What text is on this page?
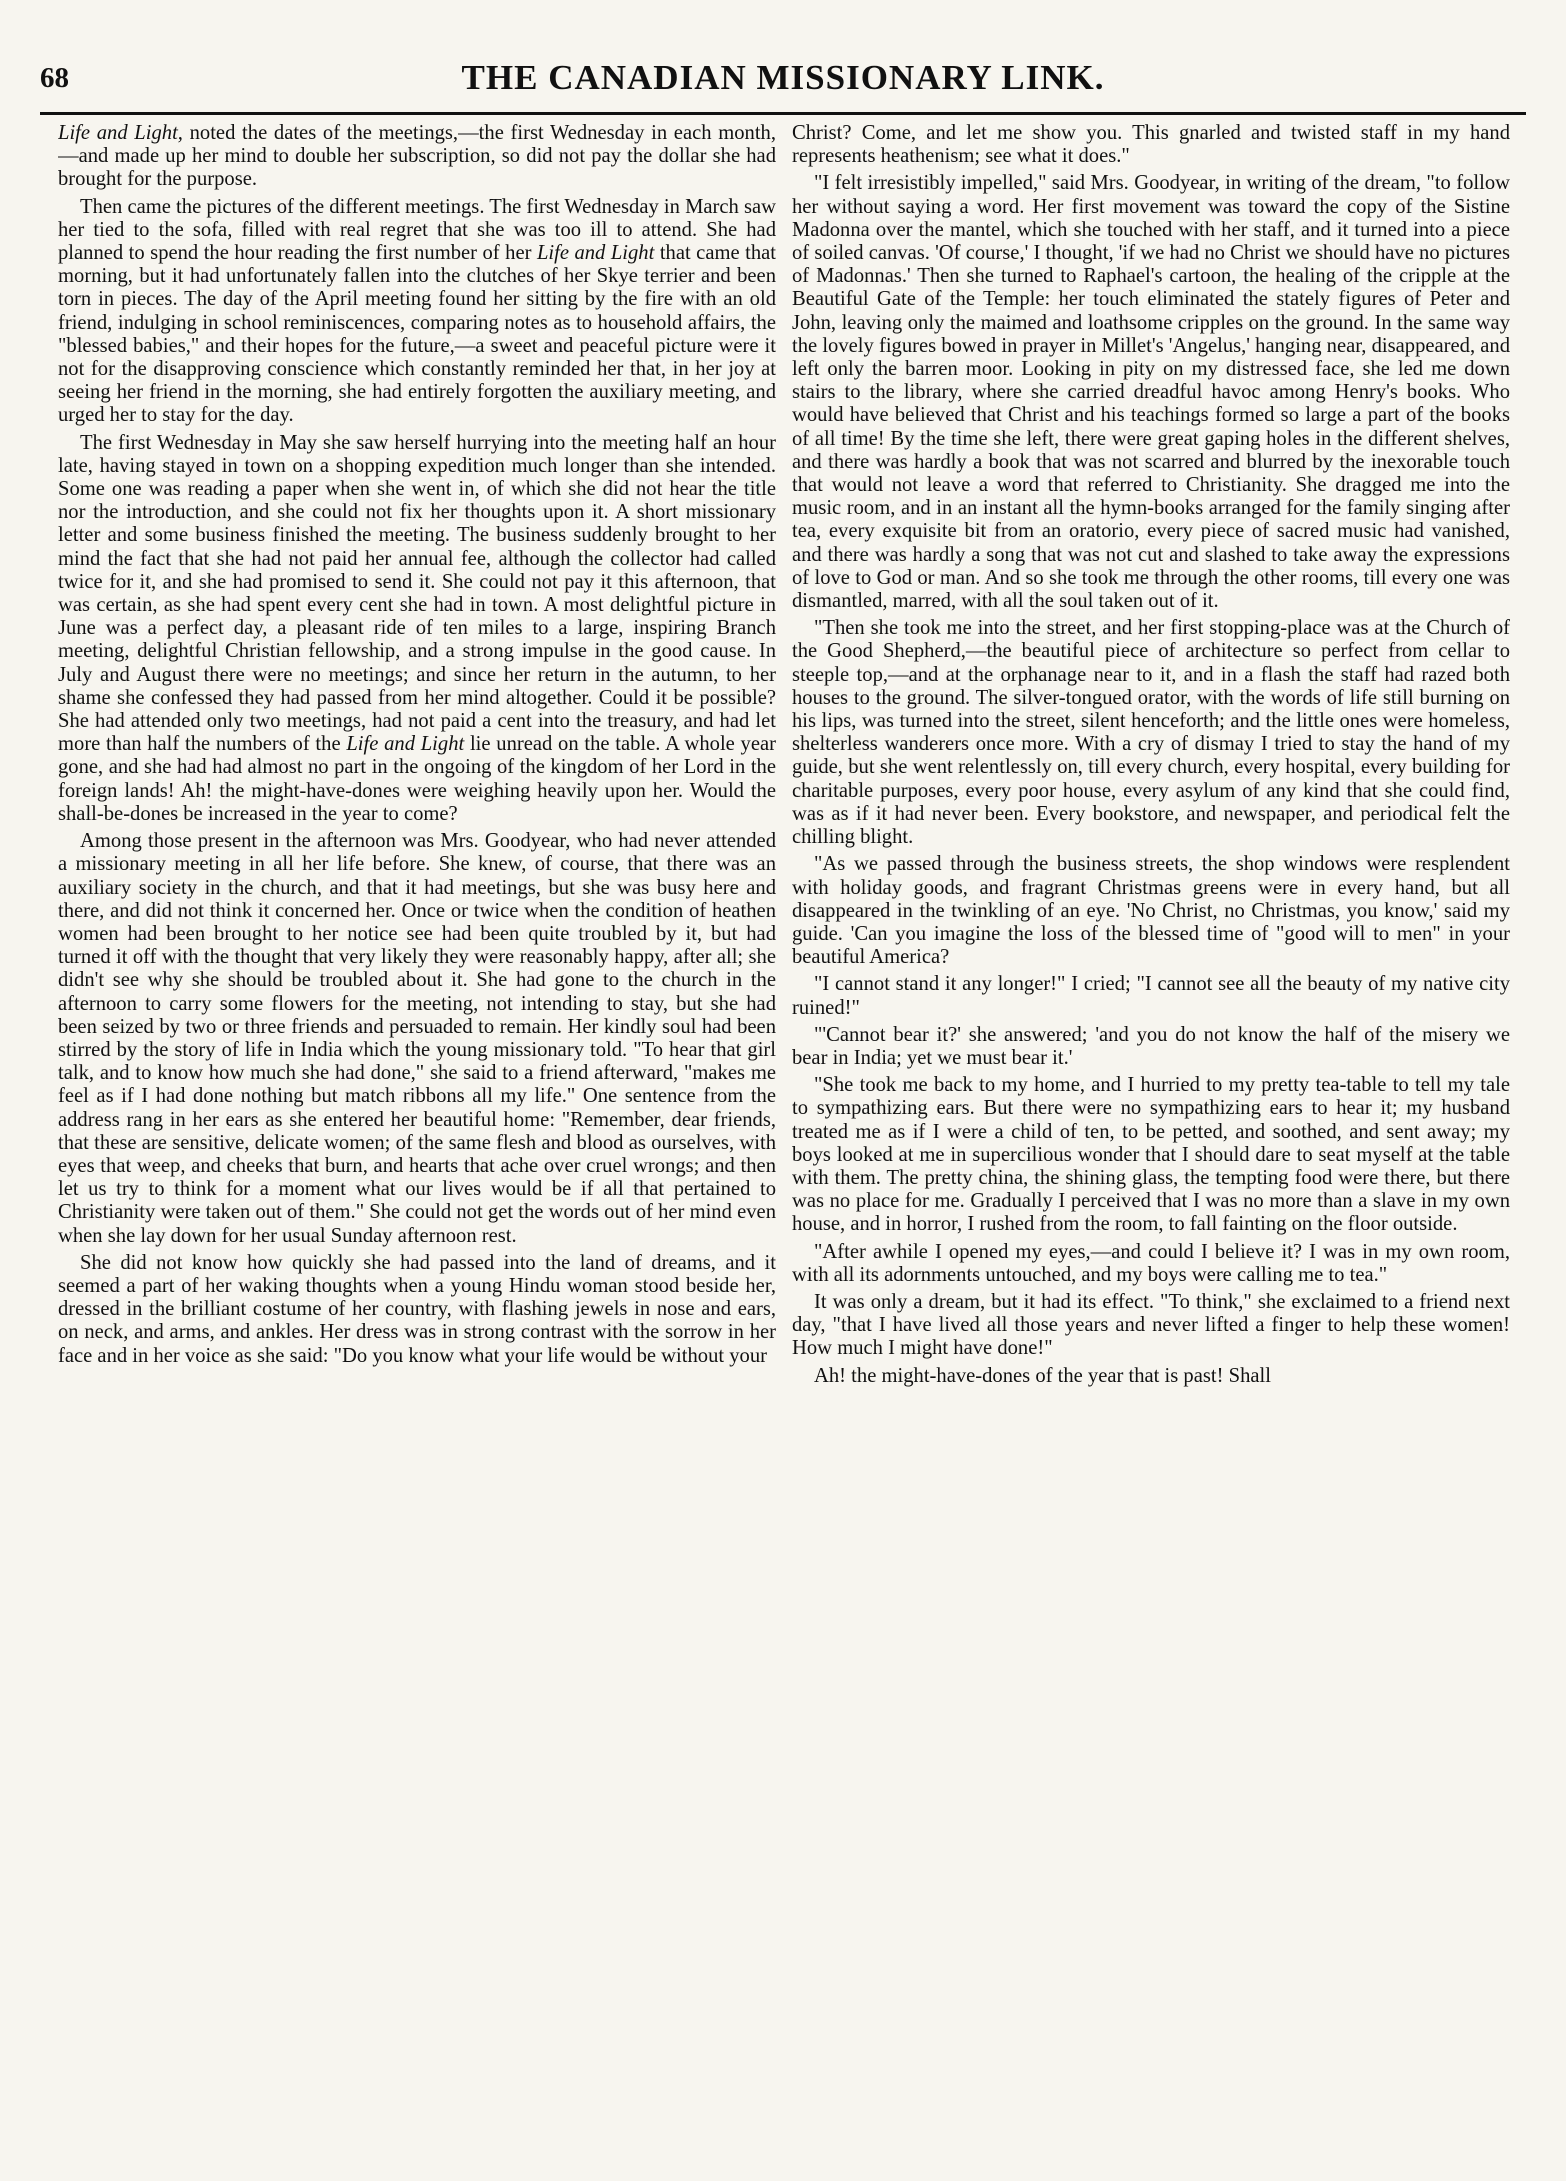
68	THE CANADIAN MISSIONARY LINK.

Life and Light, noted the dates of the meetings,—the first Wednesday in each month,—and made up her mind to double her subscription, so did not pay the dollar she had brought for the purpose.

Then came the pictures of the different meetings. The first Wednesday in March saw her tied to the sofa, filled with real regret that she was too ill to attend. She had planned to spend the hour reading the first number of her Life and Light that came that morning, but it had unfortunately fallen into the clutches of her Skye terrier and been torn in pieces. The day of the April meeting found her sitting by the fire with an old friend, indulging in school reminiscences, comparing notes as to household affairs, the "blessed babies," and their hopes for the future,—a sweet and peaceful picture were it not for the disapproving conscience which constantly reminded her that, in her joy at seeing her friend in the morning, she had entirely forgotten the auxiliary meeting, and urged her to stay for the day.

The first Wednesday in May she saw herself hurrying into the meeting half an hour late, having stayed in town on a shopping expedition much longer than she intended. Some one was reading a paper when she went in, of which she did not hear the title nor the introduction, and she could not fix her thoughts upon it. A short missionary letter and some business finished the meeting. The business suddenly brought to her mind the fact that she had not paid her annual fee, although the collector had called twice for it, and she had promised to send it. She could not pay it this afternoon, that was certain, as she had spent every cent she had in town. A most delightful picture in June was a perfect day, a pleasant ride of ten miles to a large, inspiring Branch meeting, delightful Christian fellowship, and a strong impulse in the good cause. In July and August there were no meetings; and since her return in the autumn, to her shame she confessed they had passed from her mind altogether. Could it be possible? She had attended only two meetings, had not paid a cent into the treasury, and had let more than half the numbers of the Life and Light lie unread on the table. A whole year gone, and she had had almost no part in the ongoing of the kingdom of her Lord in the foreign lands! Ah! the might-have-dones were weighing heavily upon her. Would the shall-be-dones be increased in the year to come?

Among those present in the afternoon was Mrs. Goodyear, who had never attended a missionary meeting in all her life before. She knew, of course, that there was an auxiliary society in the church, and that it had meetings, but she was busy here and there, and did not think it concerned her. Once or twice when the condition of heathen women had been brought to her notice see had been quite troubled by it, but had turned it off with the thought that very likely they were reasonably happy, after all; she didn't see why she should be troubled about it. She had gone to the church in the afternoon to carry some flowers for the meeting, not intending to stay, but she had been seized by two or three friends and persuaded to remain. Her kindly soul had been stirred by the story of life in India which the young missionary told. "To hear that girl talk, and to know how much she had done," she said to a friend afterward, "makes me feel as if I had done nothing but match ribbons all my life." One sentence from the address rang in her ears as she entered her beautiful home: "Remember, dear friends, that these are sensitive, delicate women; of the same flesh and blood as ourselves, with eyes that weep, and cheeks that burn, and hearts that ache over cruel wrongs; and then let us try to think for a moment what our lives would be if all that pertained to Christianity were taken out of them." She could not get the words out of her mind even when she lay down for her usual Sunday afternoon rest.

She did not know how quickly she had passed into the land of dreams, and it seemed a part of her waking thoughts when a young Hindu woman stood beside her, dressed in the brilliant costume of her country, with flashing jewels in nose and ears, on neck, and arms, and ankles. Her dress was in strong contrast with the sorrow in her face and in her voice as she said: "Do you know what your life would be without your

Christ? Come, and let me show you. This gnarled and twisted staff in my hand represents heathenism; see what it does."

"I felt irresistibly impelled," said Mrs. Goodyear, in writing of the dream, "to follow her without saying a word. Her first movement was toward the copy of the Sistine Madonna over the mantel, which she touched with her staff, and it turned into a piece of soiled canvas. 'Of course,' I thought, 'if we had no Christ we should have no pictures of Madonnas.' Then she turned to Raphael's cartoon, the healing of the cripple at the Beautiful Gate of the Temple: her touch eliminated the stately figures of Peter and John, leaving only the maimed and loathsome cripples on the ground. In the same way the lovely figures bowed in prayer in Millet's 'Angelus,' hanging near, disappeared, and left only the barren moor. Looking in pity on my distressed face, she led me down stairs to the library, where she carried dreadful havoc among Henry's books. Who would have believed that Christ and his teachings formed so large a part of the books of all time! By the time she left, there were great gaping holes in the different shelves, and there was hardly a book that was not scarred and blurred by the inexorable touch that would not leave a word that referred to Christianity. She dragged me into the music room, and in an instant all the hymn-books arranged for the family singing after tea, every exquisite bit from an oratorio, every piece of sacred music had vanished, and there was hardly a song that was not cut and slashed to take away the expressions of love to God or man. And so she took me through the other rooms, till every one was dismantled, marred, with all the soul taken out of it.

"Then she took me into the street, and her first stopping-place was at the Church of the Good Shepherd,—the beautiful piece of architecture so perfect from cellar to steeple top,—and at the orphanage near to it, and in a flash the staff had razed both houses to the ground. The silver-tongued orator, with the words of life still burning on his lips, was turned into the street, silent henceforth; and the little ones were homeless, shelterless wanderers once more. With a cry of dismay I tried to stay the hand of my guide, but she went relentlessly on, till every church, every hospital, every building for charitable purposes, every poor house, every asylum of any kind that she could find, was as if it had never been. Every bookstore, and newspaper, and periodical felt the chilling blight.

"As we passed through the business streets, the shop windows were resplendent with holiday goods, and fragrant Christmas greens were in every hand, but all disappeared in the twinkling of an eye. 'No Christ, no Christmas, you know,' said my guide. 'Can you imagine the loss of the blessed time of "good will to men" in your beautiful America?

"I cannot stand it any longer!" I cried; "I cannot see all the beauty of my native city ruined!"

"'Cannot bear it?' she answered; 'and you do not know the half of the misery we bear in India; yet we must bear it.'

"She took me back to my home, and I hurried to my pretty tea-table to tell my tale to sympathizing ears. But there were no sympathizing ears to hear it; my husband treated me as if I were a child of ten, to be petted, and soothed, and sent away; my boys looked at me in supercilious wonder that I should dare to seat myself at the table with them. The pretty china, the shining glass, the tempting food were there, but there was no place for me. Gradually I perceived that I was no more than a slave in my own house, and in horror, I rushed from the room, to fall fainting on the floor outside.

"After awhile I opened my eyes,—and could I believe it? I was in my own room, with all its adornments untouched, and my boys were calling me to tea."

It was only a dream, but it had its effect. "To think," she exclaimed to a friend next day, "that I have lived all those years and never lifted a finger to help these women! How much I might have done!"

Ah! the might-have-dones of the year that is past! Shall
